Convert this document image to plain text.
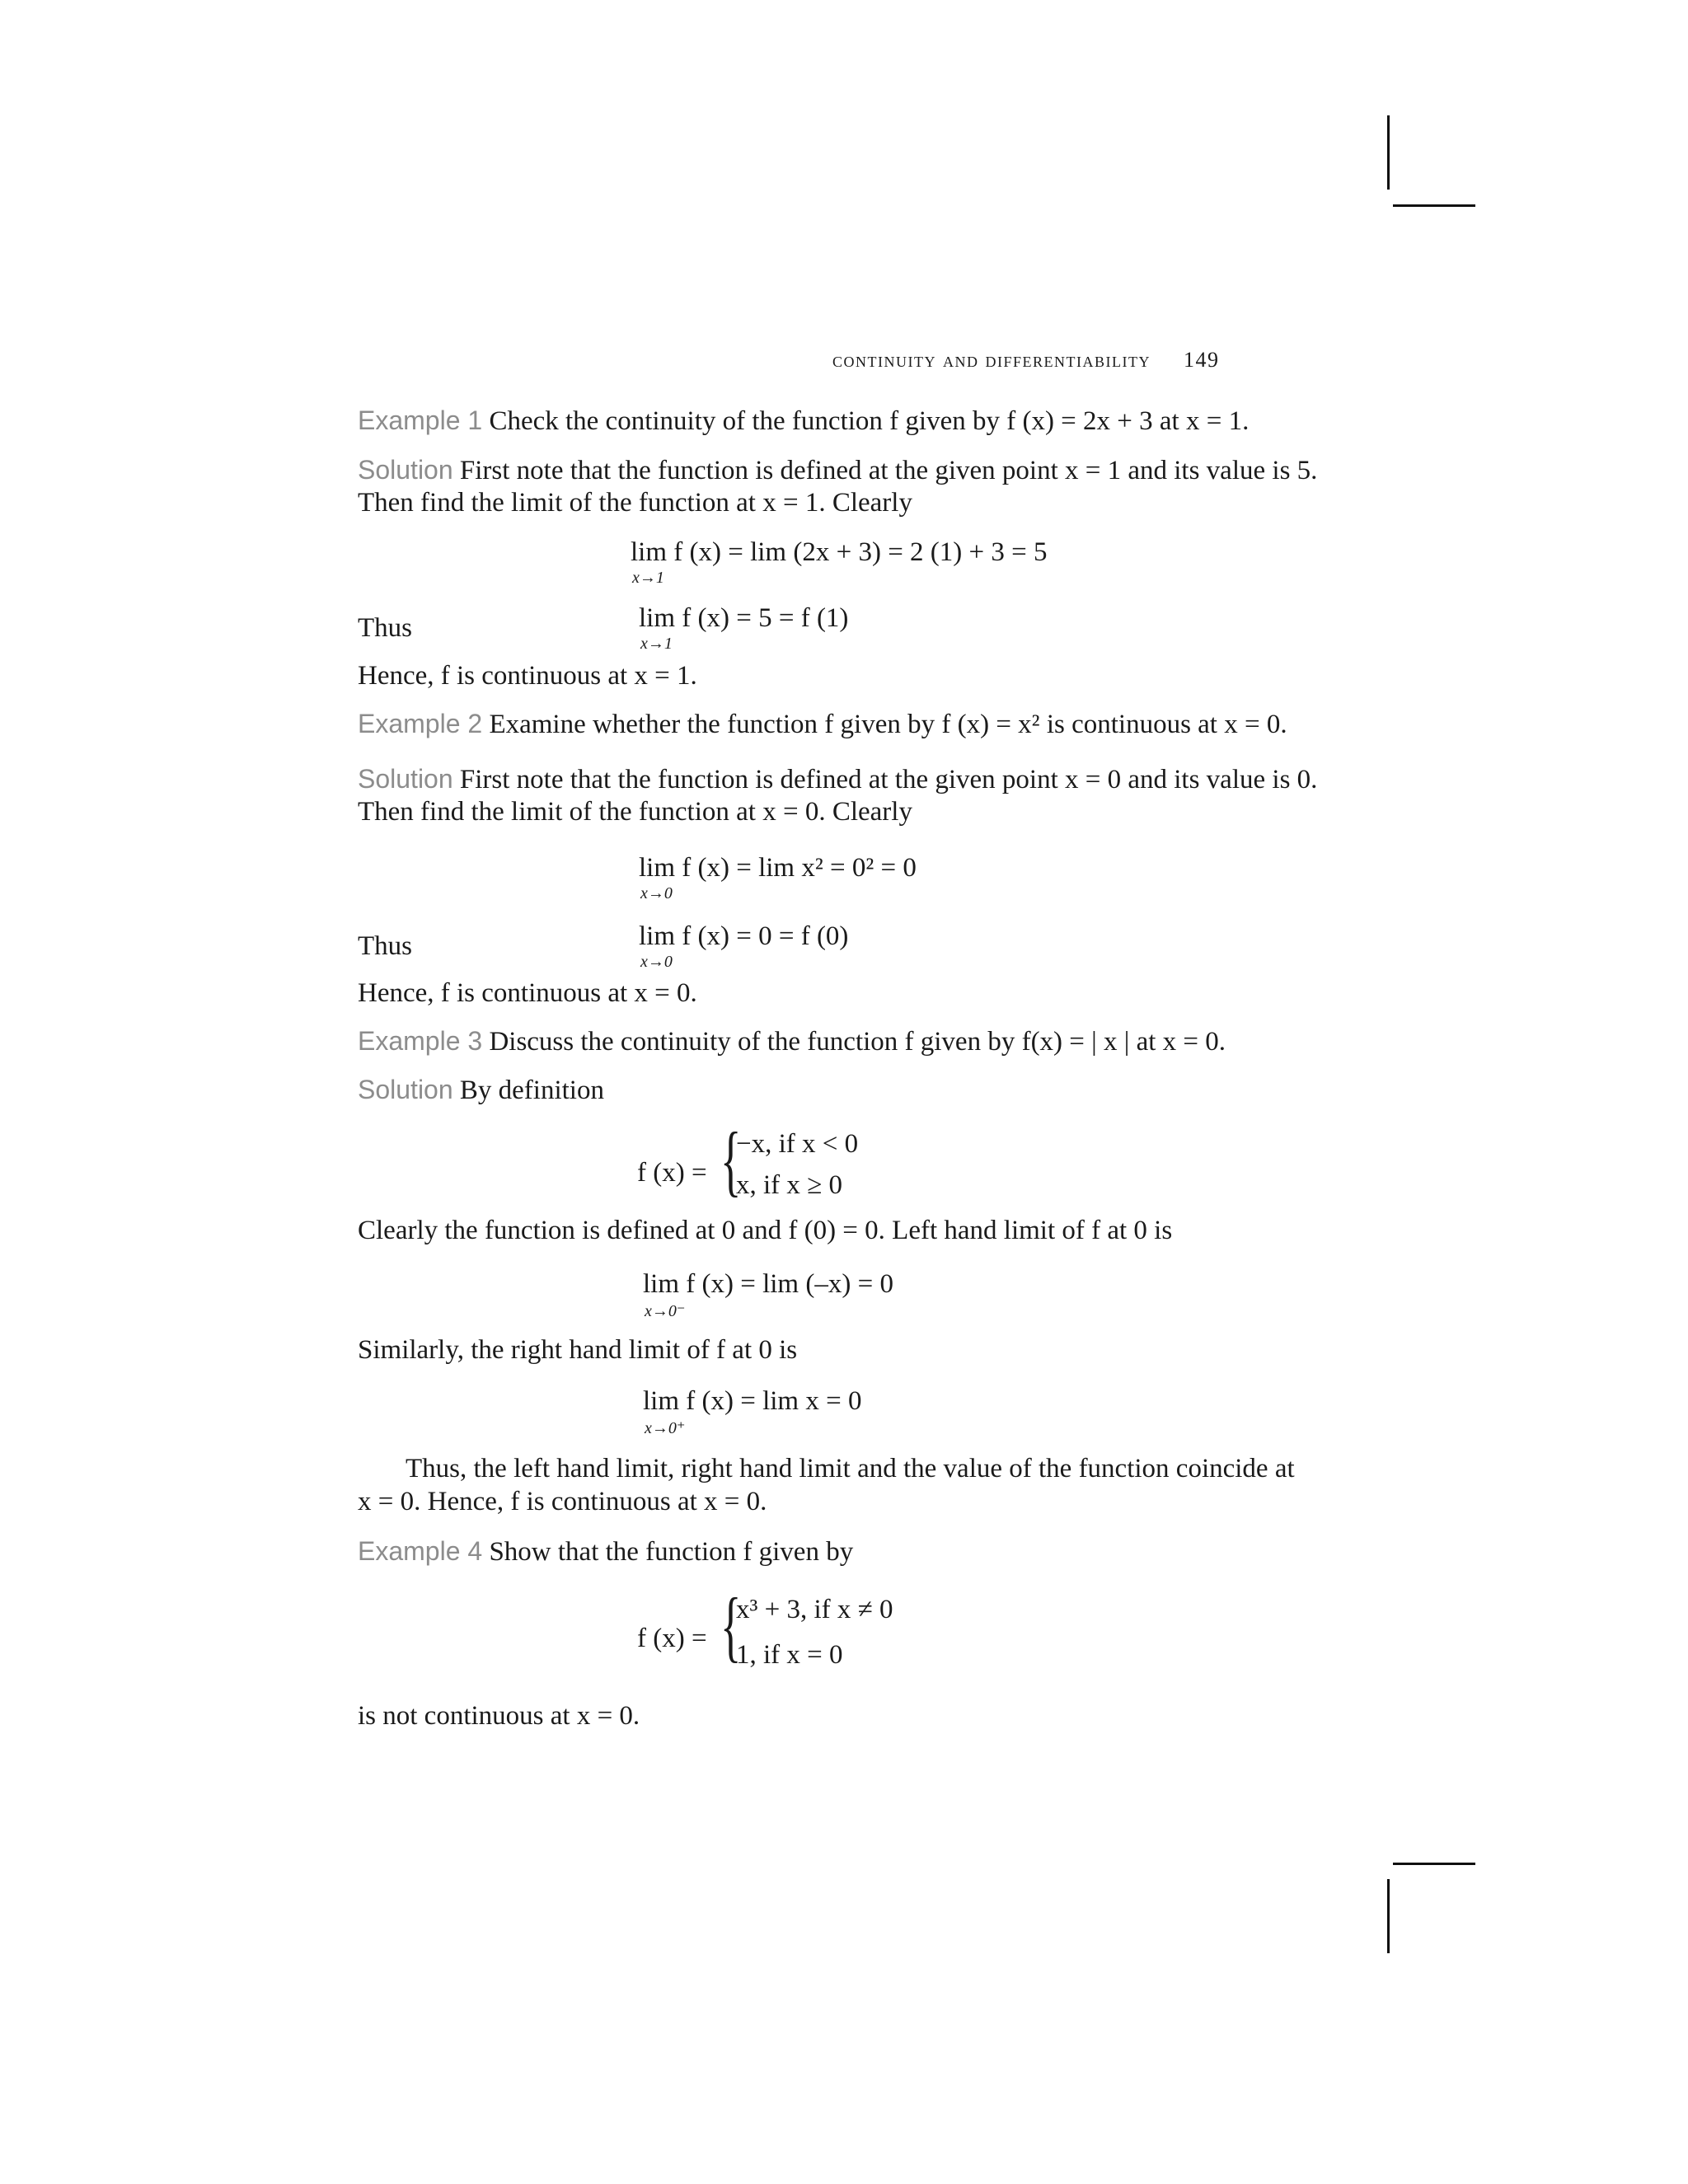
continuity and differentiability 149
Example 1 Check the continuity of the function f given by f (x) = 2x + 3 at x = 1.
Solution First note that the function is defined at the given point x = 1 and its value is 5.
Then find the limit of the function at x = 1. Clearly
lim
x→1
f (x) = lim (2x + 3) = 2 (1) + 3 = 5
Thus	lim
x→1
f (x) = 5 = f (1)
Hence, f is continuous at x = 1.
Example 2 Examine whether the function f given by f (x) = x² is continuous at x = 0.
Solution First note that the function is defined at the given point x = 0 and its value is 0.
Then find the limit of the function at x = 0. Clearly
lim
x→0
f (x) = lim x² = 0² = 0
Thus	lim
x→0
f (x) = 0 = f (0)
Hence, f is continuous at x = 0.
Example 3 Discuss the continuity of the function f given by f(x) = | x | at x = 0.
Solution By definition
f (x) = {
−x, if x < 0
x, if x ≥ 0
Clearly the function is defined at 0 and f (0) = 0. Left hand limit of f at 0 is
lim
x→0⁻
f (x) = lim (–x) = 0
Similarly, the right hand limit of f at 0 is
lim
x→0⁺
f (x) = lim x = 0
Thus, the left hand limit, right hand limit and the value of the function coincide at
x = 0. Hence, f is continuous at x = 0.
Example 4 Show that the function f given by
f (x) = {
x³ + 3, if x ≠ 0
1, if x = 0
is not continuous at x = 0.
